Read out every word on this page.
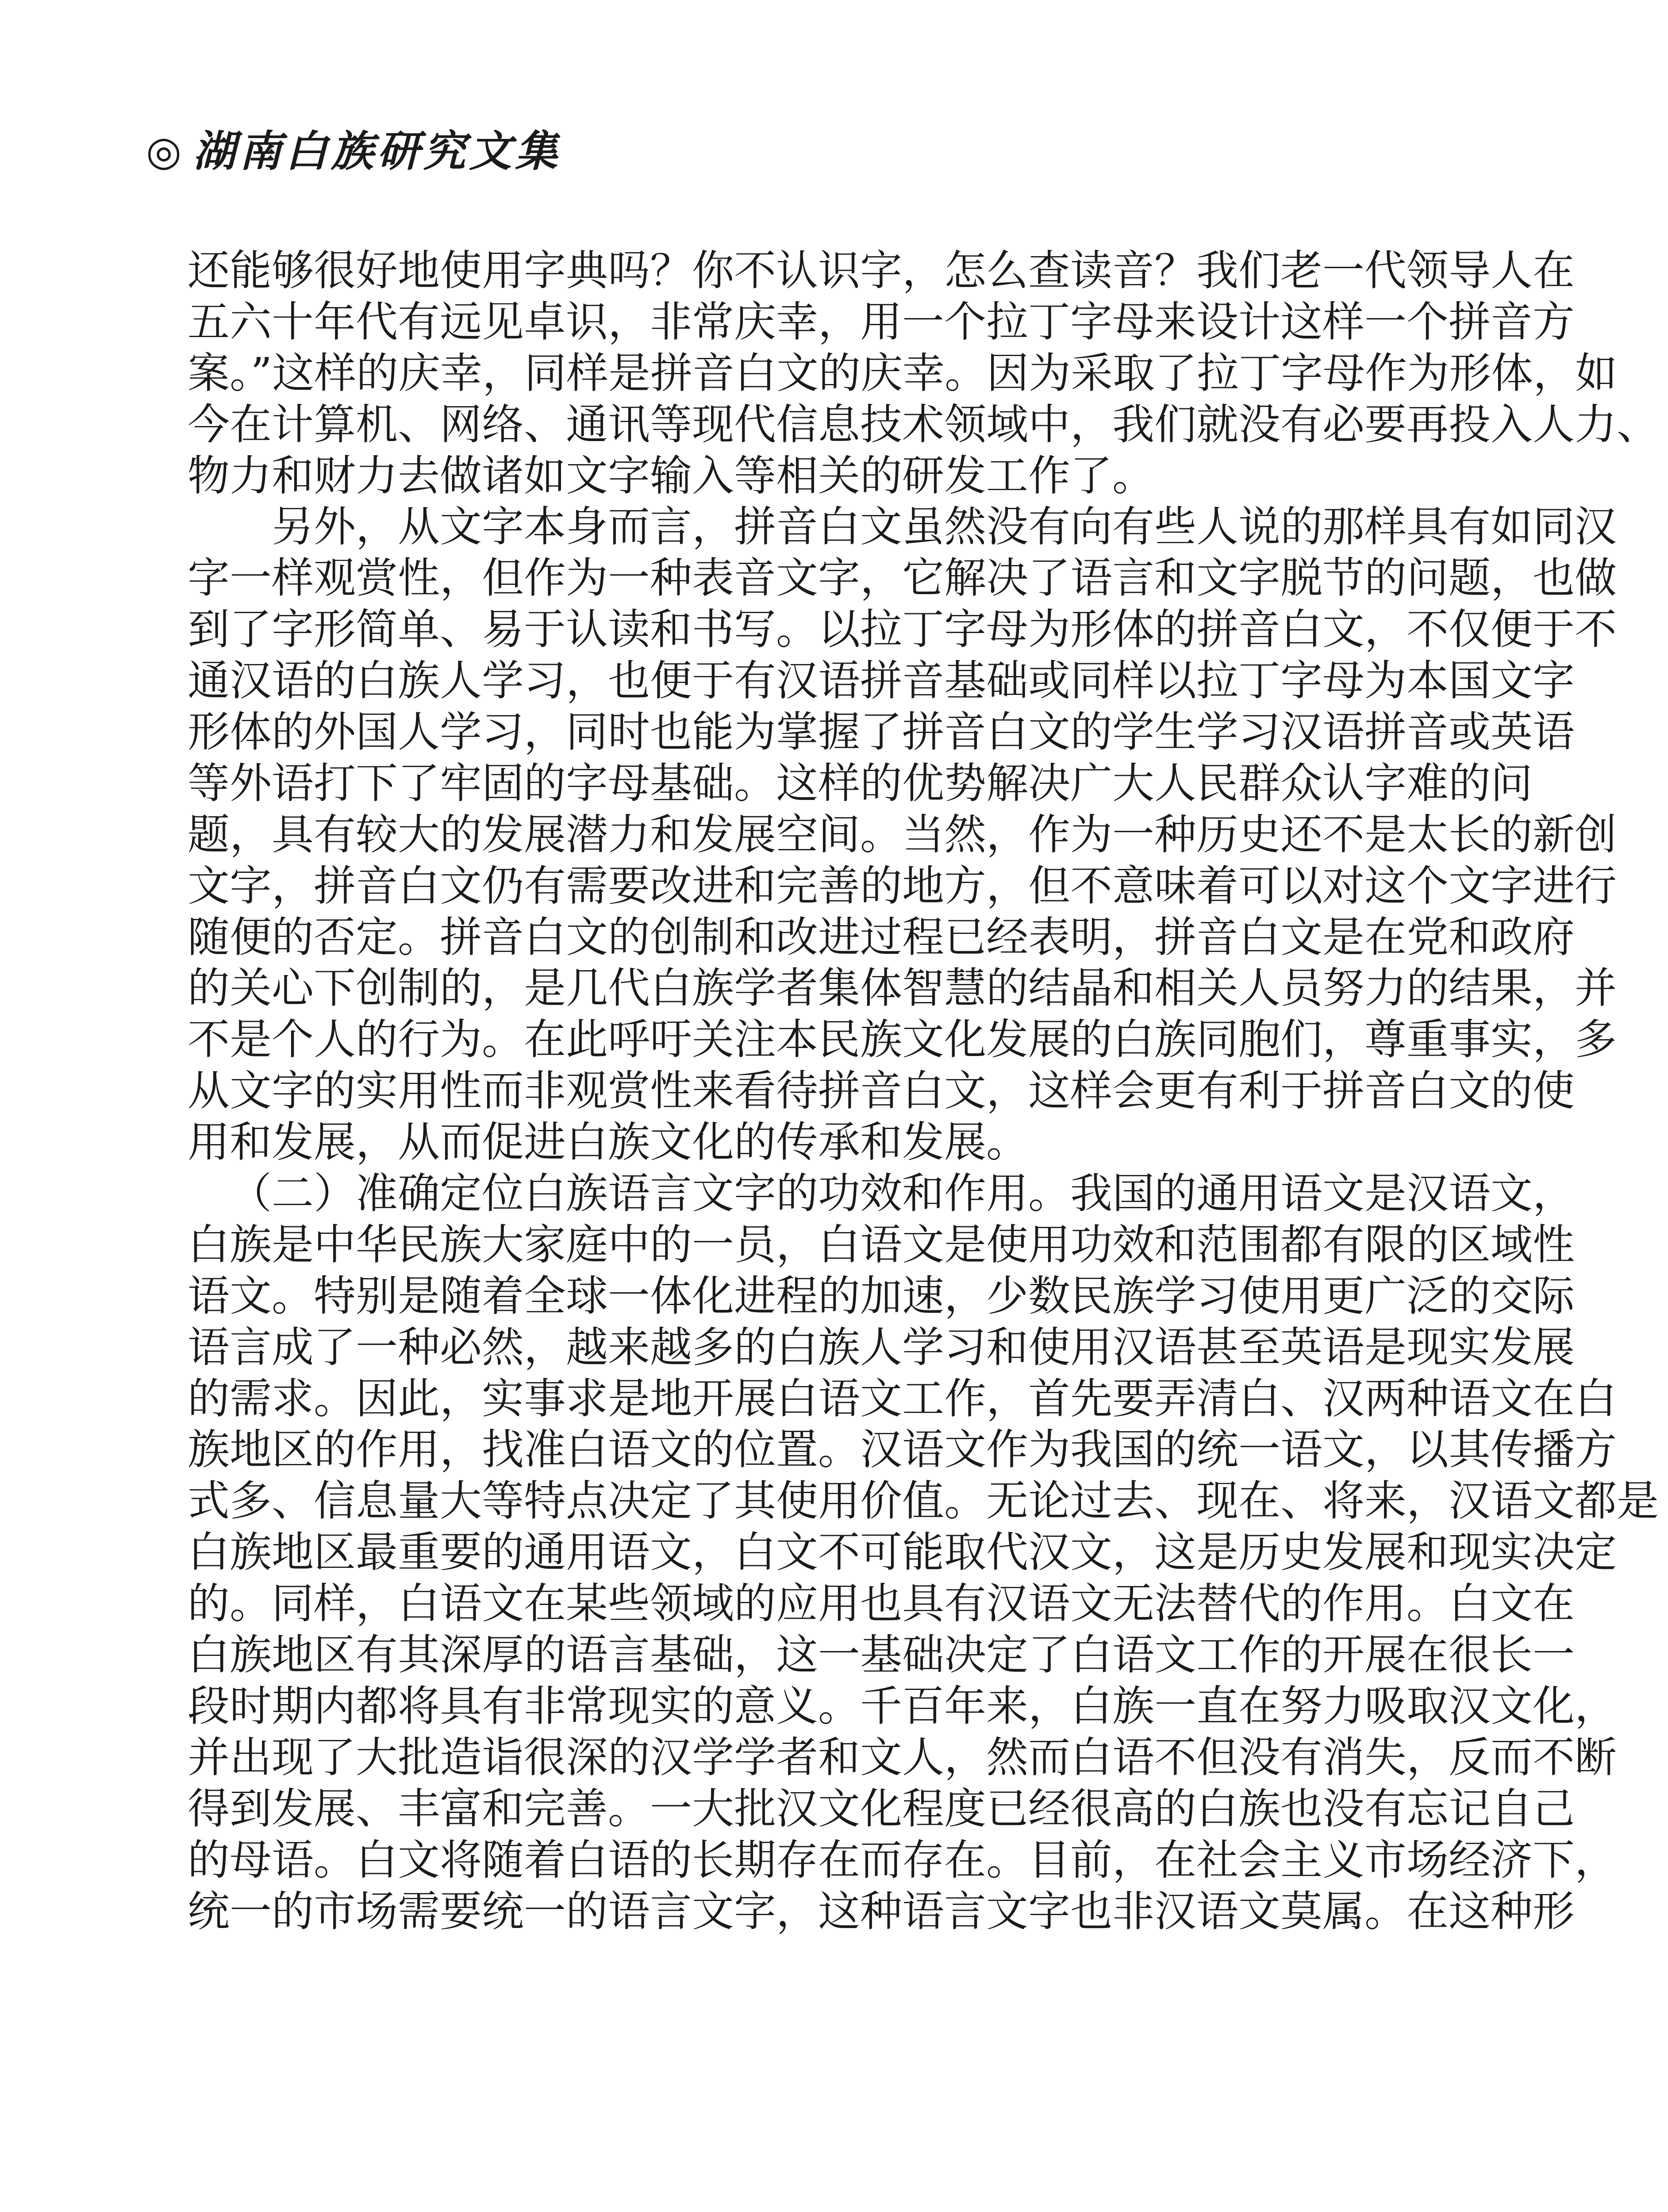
◎ 湖南白族研究文集
还能够很好地使用字典吗？你不认识字，怎么查读音？我们老一代领导人在
五六十年代有远见卓识，非常庆幸，用一个拉丁字母来设计这样一个拼音方
案。”这样的庆幸，同样是拼音白文的庆幸。因为采取了拉丁字母作为形体，如
今在计算机、网络、通讯等现代信息技术领域中，我们就没有必要再投入人力、
物力和财力去做诸如文字输入等相关的研发工作了。
另外，从文字本身而言，拼音白文虽然没有向有些人说的那样具有如同汉
字一样观赏性，但作为一种表音文字，它解决了语言和文字脱节的问题，也做
到了字形简单、易于认读和书写。以拉丁字母为形体的拼音白文，不仅便于不
通汉语的白族人学习，也便于有汉语拼音基础或同样以拉丁字母为本国文字
形体的外国人学习，同时也能为掌握了拼音白文的学生学习汉语拼音或英语
等外语打下了牢固的字母基础。这样的优势解决广大人民群众认字难的问
题，具有较大的发展潜力和发展空间。当然，作为一种历史还不是太长的新创
文字，拼音白文仍有需要改进和完善的地方，但不意味着可以对这个文字进行
随便的否定。拼音白文的创制和改进过程已经表明，拼音白文是在党和政府
的关心下创制的，是几代白族学者集体智慧的结晶和相关人员努力的结果，并
不是个人的行为。在此呼吁关注本民族文化发展的白族同胞们，尊重事实，多
从文字的实用性而非观赏性来看待拼音白文，这样会更有利于拼音白文的使
用和发展，从而促进白族文化的传承和发展。
（二）准确定位白族语言文字的功效和作用。我国的通用语文是汉语文，
白族是中华民族大家庭中的一员，白语文是使用功效和范围都有限的区域性
语文。特别是随着全球一体化进程的加速，少数民族学习使用更广泛的交际
语言成了一种必然，越来越多的白族人学习和使用汉语甚至英语是现实发展
的需求。因此，实事求是地开展白语文工作，首先要弄清白、汉两种语文在白
族地区的作用，找准白语文的位置。汉语文作为我国的统一语文，以其传播方
式多、信息量大等特点决定了其使用价值。无论过去、现在、将来，汉语文都是
白族地区最重要的通用语文，白文不可能取代汉文，这是历史发展和现实决定
的。同样，白语文在某些领域的应用也具有汉语文无法替代的作用。白文在
白族地区有其深厚的语言基础，这一基础决定了白语文工作的开展在很长一
段时期内都将具有非常现实的意义。千百年来，白族一直在努力吸取汉文化，
并出现了大批造诣很深的汉学学者和文人，然而白语不但没有消失，反而不断
得到发展、丰富和完善。一大批汉文化程度已经很高的白族也没有忘记自己
的母语。白文将随着白语的长期存在而存在。目前，在社会主义市场经济下，
统一的市场需要统一的语言文字，这种语言文字也非汉语文莫属。在这种形
